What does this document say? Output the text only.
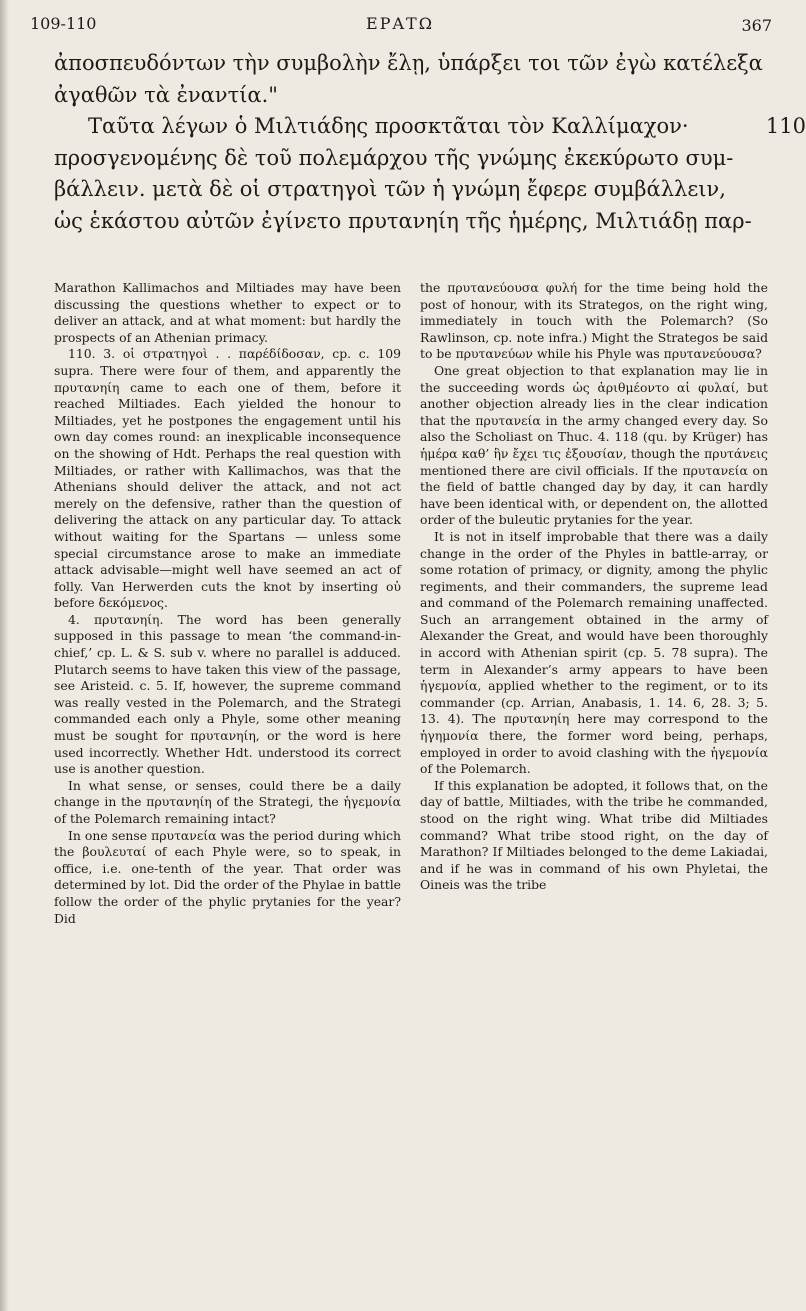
109-110	ΕΡΑΤΩ	367
ἀποσπευδόντων τὴν συμβολὴν ἔλῃ, ὑπάρξει τοι τῶν ἐγὼ κατέλεξα
ἀγαθῶν τὰ ἐναντία."
Ταῦτα λέγων ὁ Μιλτιάδης προσκτᾶται τὸν Καλλίμαχον·
προσγενομένης δὲ τοῦ πολεμάρχου τῆς γνώμης ἐκεκύρωτο συμ-
βάλλειν. μετὰ δὲ οἱ στρατηγοὶ τῶν ἡ γνώμη ἔφερε συμβάλλειν,
ὡς ἑκάστου αὐτῶν ἐγίνετο πρυτανηίη τῆς ἡμέρης, Μιλτιάδῃ παρ-
110

Marathon Kallimachos and Miltiades may have been discussing the questions whether to expect or to deliver an attack, and at what moment: but hardly the prospects of an Athenian primacy.

110. 3. οἱ στρατηγοὶ . . παρέδίδοσαν, cp. c. 109 supra. There were four of them, and apparently the πρυτανηίη came to each one of them, before it reached Miltiades. Each yielded the honour to Miltiades, yet he postpones the engagement until his own day comes round: an inexplicable inconsequence on the showing of Hdt. Perhaps the real question with Miltiades, or rather with Kallimachos, was that the Athenians should deliver the attack, and not act merely on the defensive, rather than the question of delivering the attack on any particular day. To attack without waiting for the Spartans — unless some special circumstance arose to make an immediate attack advisable—might well have seemed an act of folly. Van Herwerden cuts the knot by inserting οὐ before δεκόμενος.

4. πρυτανηίη. The word has been generally supposed in this passage to mean ‘the command-in-chief,’ cp. L. & S. sub v. where no parallel is adduced. Plutarch seems to have taken this view of the passage, see Aristeid. c. 5. If, however, the supreme command was really vested in the Polemarch, and the Strategi commanded each only a Phyle, some other meaning must be sought for πρυτανηίη, or the word is here used incorrectly. Whether Hdt. understood its correct use is another question.

In what sense, or senses, could there be a daily change in the πρυτανηίη of the Strategi, the ἡγεμονία of the Polemarch remaining intact?

In one sense πρυτανεία was the period during which the βουλευταί of each Phyle were, so to speak, in office, i.e. one-tenth of the year. That order was determined by lot. Did the order of the Phylae in battle follow the order of the phylic prytanies for the year? Did

the πρυτανεύουσα φυλή for the time being hold the post of honour, with its Strategos, on the right wing, immediately in touch with the Polemarch? (So Rawlinson, cp. note infra.) Might the Strategos be said to be πρυτανεύων while his Phyle was πρυτανεύουσα?

One great objection to that explanation may lie in the succeeding words ὡς ἀριθμέοντο αἱ φυλαί, but another objection already lies in the clear indication that the πρυτανεία in the army changed every day. So also the Scholiast on Thuc. 4. 118 (qu. by Krüger) has ἡμέρα καθ’ ἣν ἔχει τις ἐξουσίαν, though the πρυτάνεις mentioned there are civil officials. If the πρυτανεία on the field of battle changed day by day, it can hardly have been identical with, or dependent on, the allotted order of the buleutic prytanies for the year.

It is not in itself improbable that there was a daily change in the order of the Phyles in battle-array, or some rotation of primacy, or dignity, among the phylic regiments, and their commanders, the supreme lead and command of the Polemarch remaining unaffected. Such an arrangement obtained in the army of Alexander the Great, and would have been thoroughly in accord with Athenian spirit (cp. 5. 78 supra). The term in Alexander’s army appears to have been ἡγεμονία, applied whether to the regiment, or to its commander (cp. Arrian, Anabasis, 1. 14. 6, 28. 3; 5. 13. 4). The πρυτανηίη here may correspond to the ἡγημονία there, the former word being, perhaps, employed in order to avoid clashing with the ἡγεμονία of the Polemarch.

If this explanation be adopted, it follows that, on the day of battle, Miltiades, with the tribe he commanded, stood on the right wing. What tribe did Miltiades command? What tribe stood right, on the day of Marathon? If Miltiades belonged to the deme Lakiadai, and if he was in command of his own Phyletai, the Oineis was the tribe
